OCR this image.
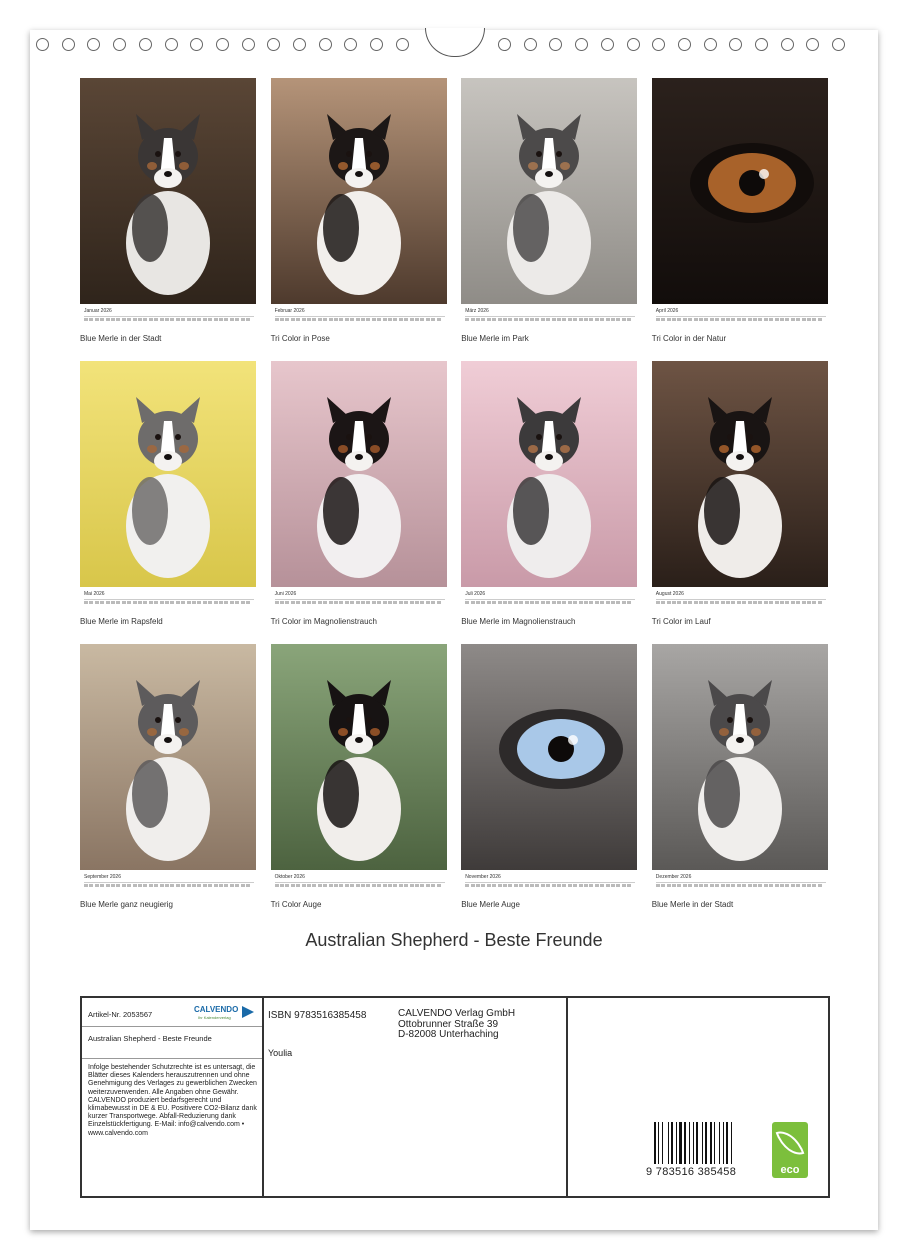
Januar 2026
Blue Merle in der Stadt
Februar 2026
Tri Color in Pose
März 2026
Blue Merle im Park
April 2026
Tri Color in der Natur
Mai 2026
Blue Merle im Rapsfeld
Juni 2026
Tri Color im Magnolienstrauch
Juli 2026
Blue Merle im Magnolienstrauch
August 2026
Tri Color im Lauf
September 2026
Blue Merle ganz neugierig
Oktober 2026
Tri Color Auge
November 2026
Blue Merle Auge
Dezember 2026
Blue Merle in der Stadt
Australian Shepherd - Beste Freunde
Artikel-Nr. 2053567
CALVENDO
Ihr Kalenderverlag
Australian Shepherd - Beste Freunde
Infolge bestehender Schutzrechte ist es untersagt, die Blätter dieses Kalenders herauszutrennen und ohne Genehmigung des Verlages zu gewerblichen Zwecken weiterzuverwenden. Alle Angaben ohne Gewähr. CALVENDO produziert bedarfsgerecht und klimabewusst in DE & EU. Positivere CO2-Bilanz dank kurzer Transportwege. Abfall-Reduzierung dank Einzelstückfertigung. E-Mail: info@calvendo.com • www.calvendo.com
ISBN 9783516385458
Youlia
CALVENDO Verlag GmbH
Ottobrunner Straße 39
D-82008 Unterhaching
9 783516 385458	eco
